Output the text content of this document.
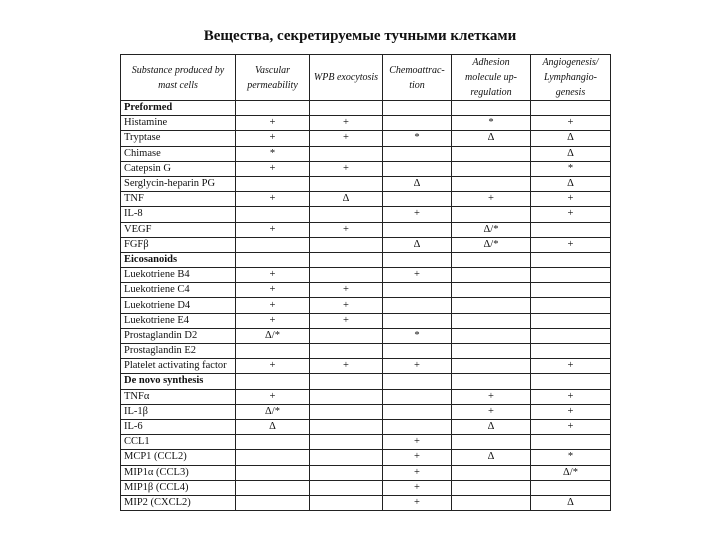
Вещества, секретируемые тучными клетками
Substance produced by mast cells	Vascular permeability	WPB exocytosis	Chemoattrac-tion	Adhesion molecule up-regulation	Angiogenesis/ Lymphangio-genesis
Preformed					
Histamine	+	+		*	+
Tryptase	+	+	*	Δ	Δ
Chimase	*				Δ
Catepsin G	+	+			*
Serglycin-heparin PG			Δ		Δ
TNF	+	Δ		+	+
IL-8			+		+
VEGF	+	+		Δ/*	
FGFβ			Δ	Δ/*	+
Eicosanoids					
Luekotriene B4	+		+		
Luekotriene C4	+	+			
Luekotriene D4	+	+			
Luekotriene E4	+	+			
Prostaglandin D2	Δ/*		*		
Prostaglandin E2					
Platelet activating factor	+	+	+		+
De novo synthesis					
TNFα	+			+	+
IL-1β	Δ/*			+	+
IL-6	Δ			Δ	+
CCL1			+		
MCP1 (CCL2)			+	Δ	*
MIP1α (CCL3)			+		Δ/*
MIP1β (CCL4)			+		
MIP2 (CXCL2)			+		Δ
